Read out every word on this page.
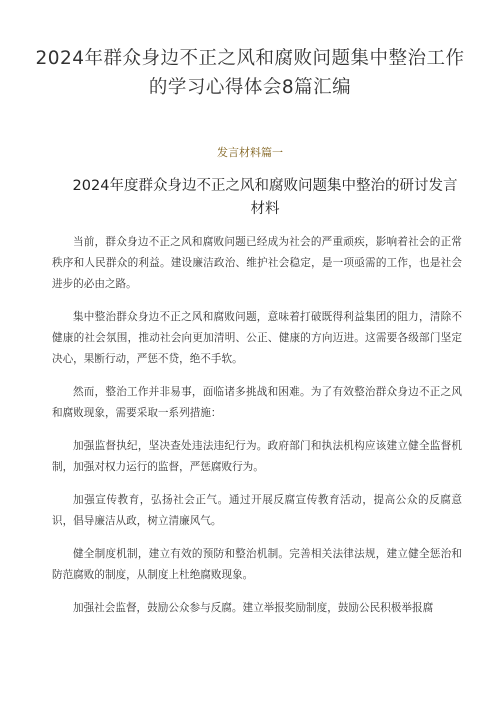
2024年群众身边不正之风和腐败问题集中整治工作
的学习心得体会8篇汇编
发言材料篇一
2024年度群众身边不正之风和腐败问题集中整治的研讨发言
材料

当前，群众身边不正之风和腐败问题已经成为社会的严重顽疾，影响着社会的正常秩序和人民群众的利益。建设廉洁政治、维护社会稳定，是一项亟需的工作，也是社会进步的必由之路。

集中整治群众身边不正之风和腐败问题，意味着打破既得利益集团的阻力，清除不健康的社会氛围，推动社会向更加清明、公正、健康的方向迈进。这需要各级部门坚定决心，果断行动，严惩不贷，绝不手软。

然而，整治工作并非易事，面临诸多挑战和困难。为了有效整治群众身边不正之风和腐败现象，需要采取一系列措施：

加强监督执纪，坚决查处违法违纪行为。政府部门和执法机构应该建立健全监督机制，加强对权力运行的监督，严惩腐败行为。

加强宣传教育，弘扬社会正气。通过开展反腐宣传教育活动，提高公众的反腐意识，倡导廉洁从政，树立清廉风气。

健全制度机制，建立有效的预防和整治机制。完善相关法律法规，建立健全惩治和防范腐败的制度，从制度上杜绝腐败现象。

加强社会监督，鼓励公众参与反腐。建立举报奖励制度，鼓励公民积极举报腐
